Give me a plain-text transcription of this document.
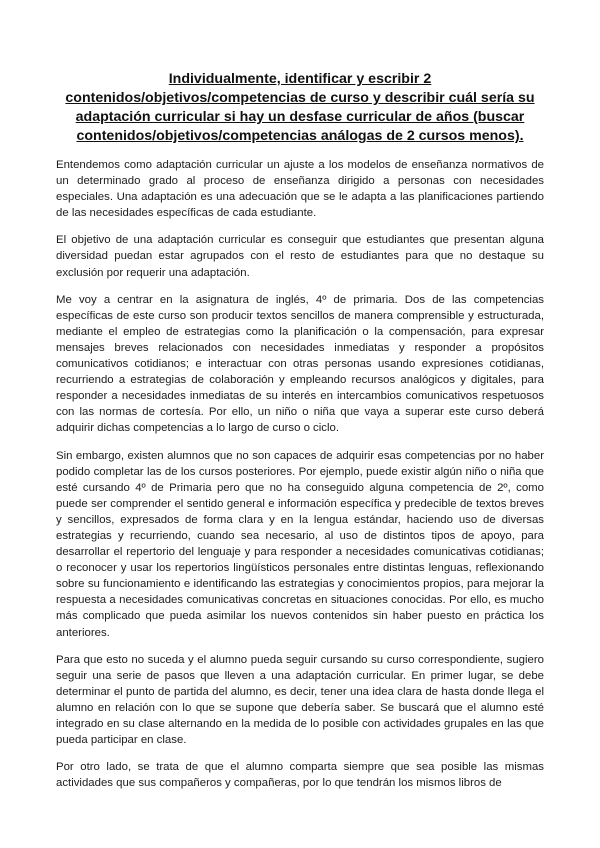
Individualmente, identificar y escribir 2
contenidos/objetivos/competencias de curso y describir cuál sería su
adaptación curricular si hay un desfase curricular de años (buscar
contenidos/objetivos/competencias análogas de 2 cursos menos).

Entendemos como adaptación curricular un ajuste a los modelos de enseñanza normativos de un determinado grado al proceso de enseñanza dirigido a personas con necesidades especiales. Una adaptación es una adecuación que se le adapta a las planificaciones partiendo de las necesidades específicas de cada estudiante.

El objetivo de una adaptación curricular es conseguir que estudiantes que presentan alguna diversidad puedan estar agrupados con el resto de estudiantes para que no destaque su exclusión por requerir una adaptación.

Me voy a centrar en la asignatura de inglés, 4º de primaria. Dos de las competencias específicas de este curso son producir textos sencillos de manera comprensible y estructurada, mediante el empleo de estrategias como la planificación o la compensación, para expresar mensajes breves relacionados con necesidades inmediatas y responder a propósitos comunicativos cotidianos; e interactuar con otras personas usando expresiones cotidianas, recurriendo a estrategias de colaboración y empleando recursos analógicos y digitales, para responder a necesidades inmediatas de su interés en intercambios comunicativos respetuosos con las normas de cortesía. Por ello, un niño o niña que vaya a superar este curso deberá adquirir dichas competencias a lo largo de curso o ciclo.

Sin embargo, existen alumnos que no son capaces de adquirir esas competencias por no haber podido completar las de los cursos posteriores. Por ejemplo, puede existir algún niño o niña que esté cursando 4º de Primaria pero que no ha conseguido alguna competencia de 2º, como puede ser comprender el sentido general e información específica y predecible de textos breves y sencillos, expresados de forma clara y en la lengua estándar, haciendo uso de diversas estrategias y recurriendo, cuando sea necesario, al uso de distintos tipos de apoyo, para desarrollar el repertorio del lenguaje y para responder a necesidades comunicativas cotidianas; o reconocer y usar los repertorios lingüísticos personales entre distintas lenguas, reflexionando sobre su funcionamiento e identificando las estrategias y conocimientos propios, para mejorar la respuesta a necesidades comunicativas concretas en situaciones conocidas. Por ello, es mucho más complicado que pueda asimilar los nuevos contenidos sin haber puesto en práctica los anteriores.

Para que esto no suceda y el alumno pueda seguir cursando su curso correspondiente, sugiero seguir una serie de pasos que lleven a una adaptación curricular. En primer lugar, se debe determinar el punto de partida del alumno, es decir, tener una idea clara de hasta donde llega el alumno en relación con lo que se supone que debería saber. Se buscará que el alumno esté integrado en su clase alternando en la medida de lo posible con actividades grupales en las que pueda participar en clase.

Por otro lado, se trata de que el alumno comparta siempre que sea posible las mismas actividades que sus compañeros y compañeras, por lo que tendrán los mismos libros de
